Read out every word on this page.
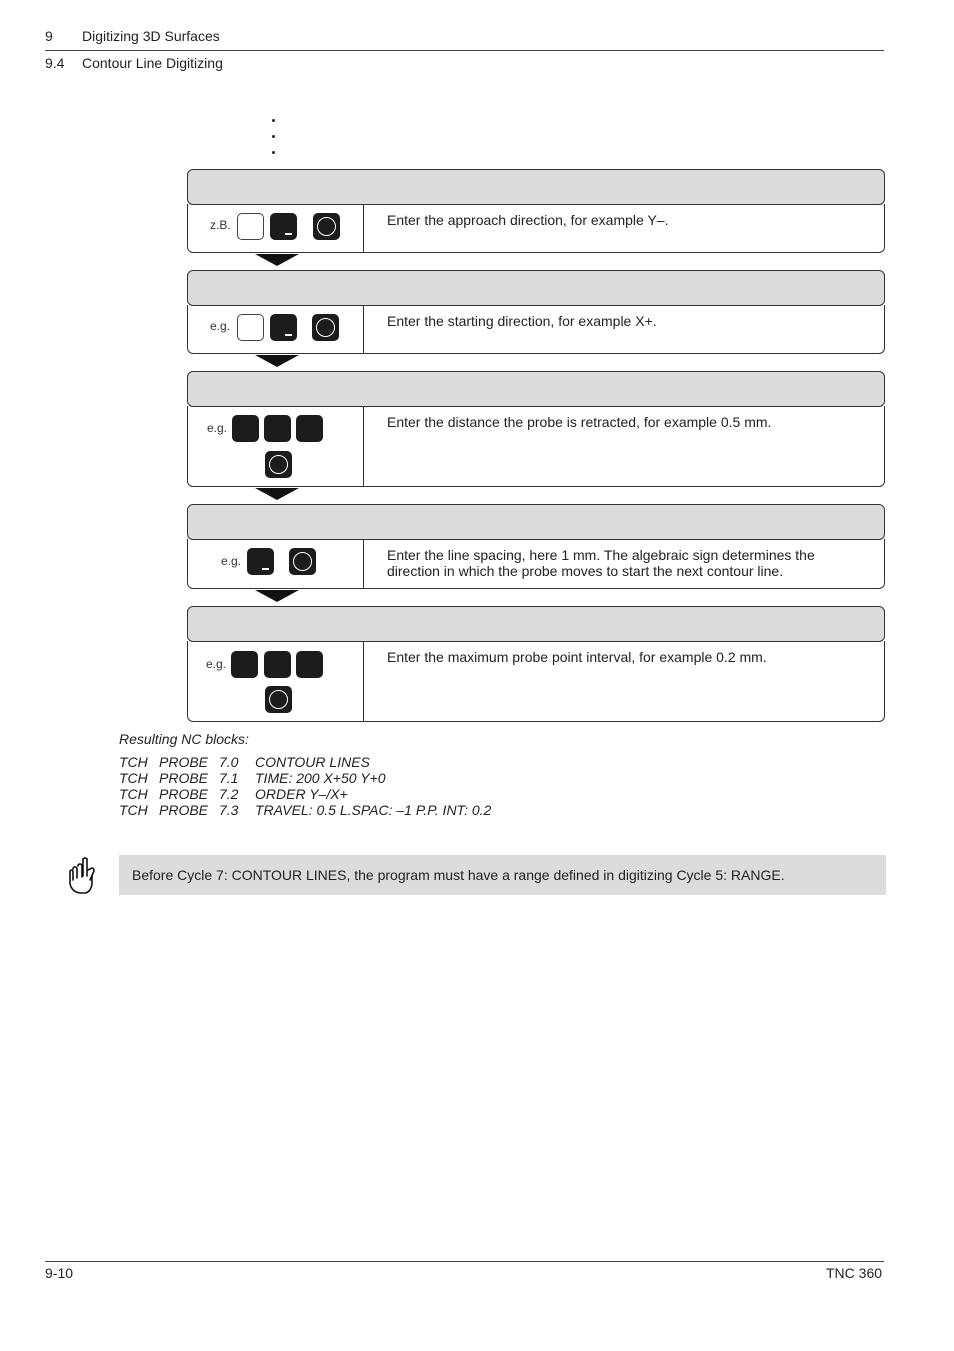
9 Digitizing 3D Surfaces
9.4 Contour Line Digitizing
z.B.	Enter the approach direction, for example Y–.
e.g.	Enter the starting direction, for example X+.
e.g.	Enter the distance the probe is retracted, for example 0.5 mm.
e.g.	Enter the line spacing, here 1 mm. The algebraic sign determines the
direction in which the probe moves to start the next contour line.
e.g.	Enter the maximum probe point interval, for example 0.2 mm.
Resulting NC blocks:
TCH PROBE 7.0 CONTOUR LINES
TCH PROBE 7.1 TIME: 200 X+50 Y+0
TCH PROBE 7.2 ORDER Y–/X+
TCH PROBE 7.3 TRAVEL: 0.5 L.SPAC: –1 P.P. INT: 0.2
Before Cycle 7: CONTOUR LINES, the program must have a range defined in digitizing Cycle 5: RANGE.
9-10	TNC 360
